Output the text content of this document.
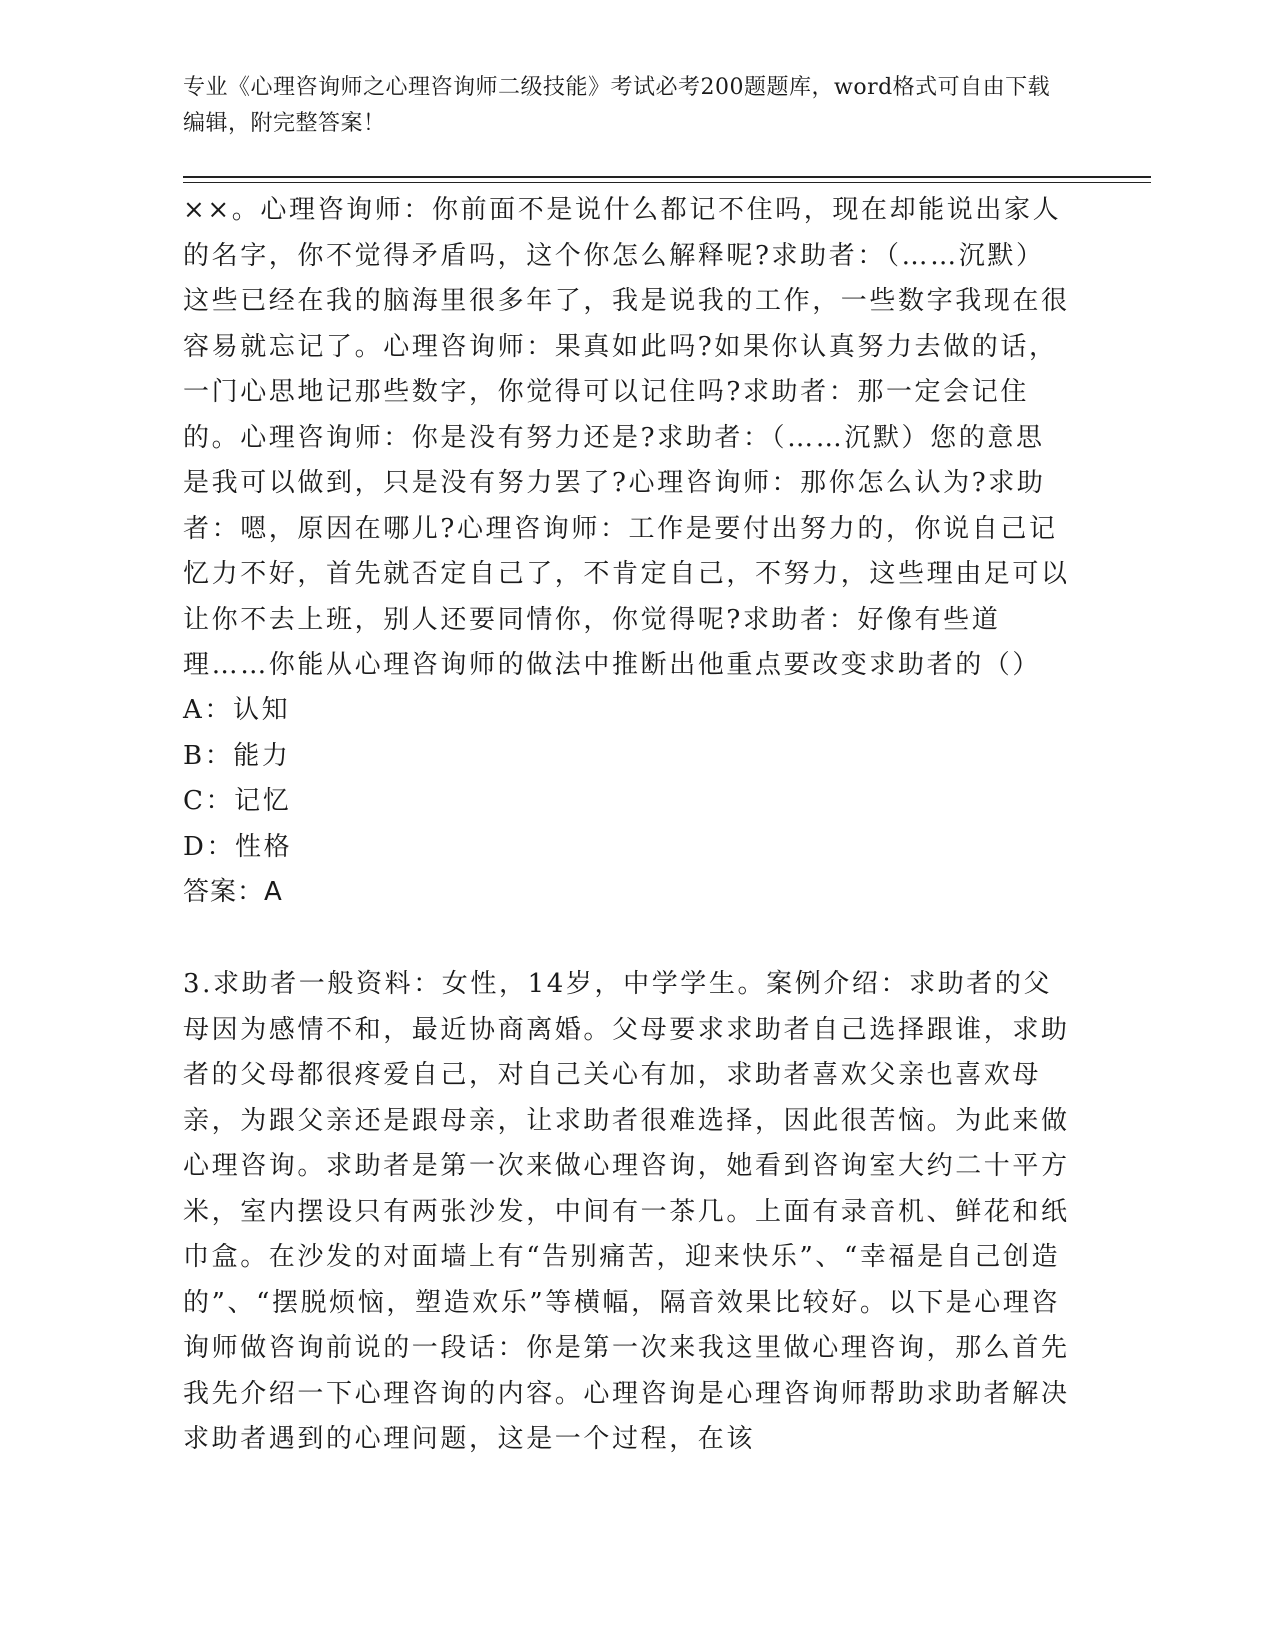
专业《心理咨询师之心理咨询师二级技能》考试必考200题题库，word格式可自由下载编辑，附完整答案！

××。心理咨询师：你前面不是说什么都记不住吗，现在却能说出家人的名字，你不觉得矛盾吗，这个你怎么解释呢?求助者：（……沉默）这些已经在我的脑海里很多年了，我是说我的工作，一些数字我现在很容易就忘记了。心理咨询师：果真如此吗?如果你认真努力去做的话，一门心思地记那些数字，你觉得可以记住吗?求助者：那一定会记住的。心理咨询师：你是没有努力还是?求助者：（……沉默）您的意思是我可以做到，只是没有努力罢了?心理咨询师：那你怎么认为?求助者：嗯，原因在哪儿?心理咨询师：工作是要付出努力的，你说自己记忆力不好，首先就否定自己了，不肯定自己，不努力，这些理由足可以让你不去上班，别人还要同情你，你觉得呢?求助者：好像有些道理……你能从心理咨询师的做法中推断出他重点要改变求助者的（）

A：认知
B：能力
C：记忆
D：性格

答案：A

3.求助者一般资料：女性，14岁，中学学生。案例介绍：求助者的父母因为感情不和，最近协商离婚。父母要求求助者自己选择跟谁，求助者的父母都很疼爱自己，对自己关心有加，求助者喜欢父亲也喜欢母亲，为跟父亲还是跟母亲，让求助者很难选择，因此很苦恼。为此来做心理咨询。求助者是第一次来做心理咨询，她看到咨询室大约二十平方米，室内摆设只有两张沙发，中间有一茶几。上面有录音机、鲜花和纸巾盒。在沙发的对面墙上有“告别痛苦，迎来快乐”、“幸福是自己创造的”、“摆脱烦恼，塑造欢乐”等横幅，隔音效果比较好。以下是心理咨询师做咨询前说的一段话：你是第一次来我这里做心理咨询，那么首先我先介绍一下心理咨询的内容。心理咨询是心理咨询师帮助求助者解决求助者遇到的心理问题，这是一个过程，在该
